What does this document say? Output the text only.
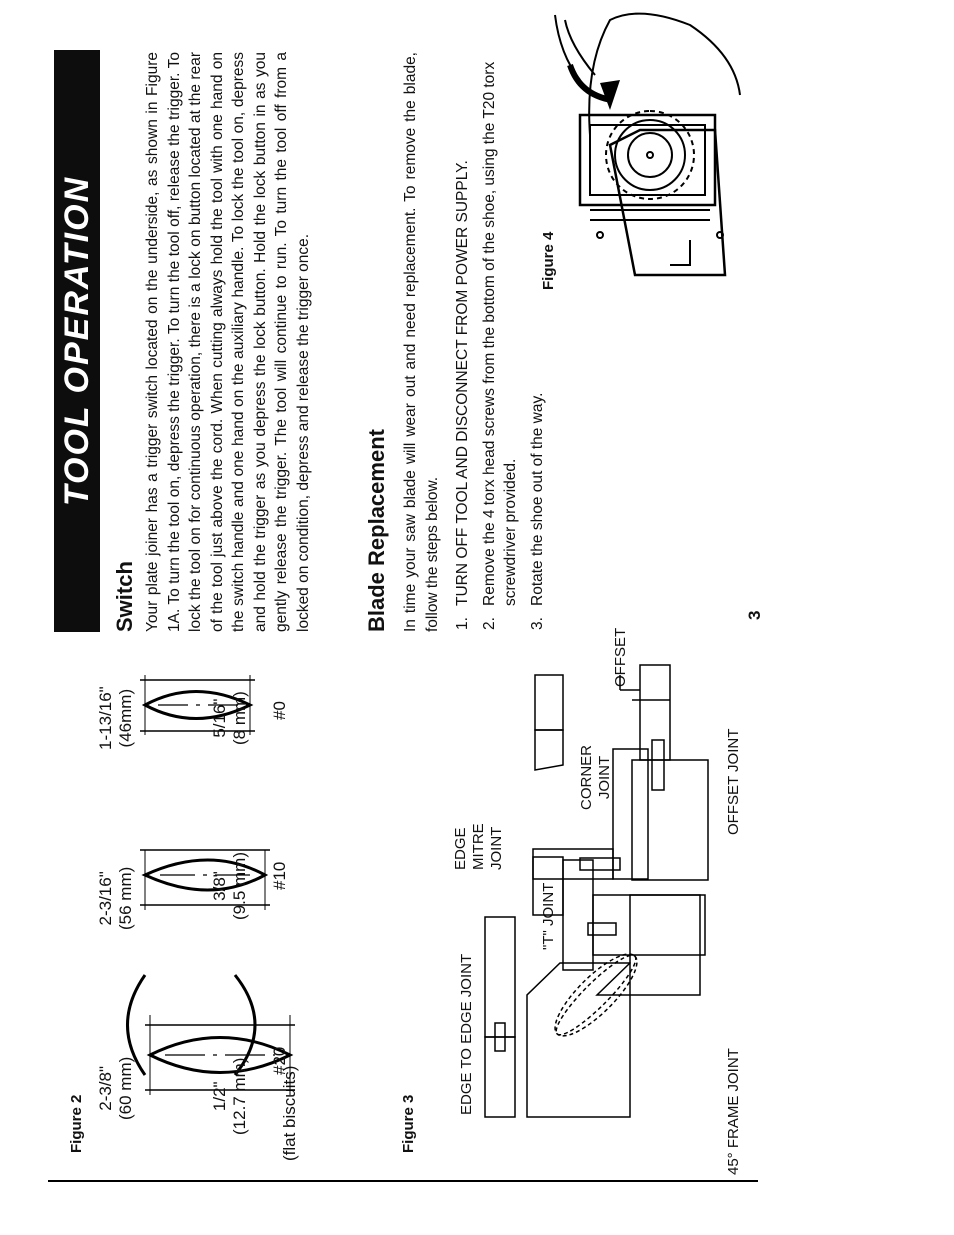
TOOL OPERATION
Switch Your plate joiner has a trigger switch located on the underside, as shown in Figure 1A. To turn the tool on, depress the trigger. To turn the tool off, release the trigger. To lock the tool on for continuous operation, there is a lock on button located at the rear of the tool just above the cord. When cutting always hold the tool with one hand on the switch handle and one hand on the auxiliary handle. To lock the tool on, depress and hold the trigger as you depress the lock button. Hold the lock button in as you gently release the trigger. The tool will continue to run. To turn the tool off from a locked on condition, depress and release the trigger once. Blade Replacement In time your saw blade will wear out and need replacement. To remove the blade, follow the steps below. 1.TURN OFF TOOL AND DISCONNECT FROM POWER SUPPLY.
2.Remove the 4 torx head screws from the bottom of the shoe, using the T20 torx screwdriver provided.
3.Rotate the shoe out of the way.
3
Figure 4
Figure 2	(flat biscuits)
2-3/8" (60 mm)	1/2" (12.7 mm) #20
2-3/16" (56 mm)	3/8" (9.5 mm) #10
1-13/16" (46mm)	5/16" (8 mm) #0
Figure 3
EDGE TO EDGE JOINT	45° FRAME JOINT
"T" JOINT
EDGE MITRE JOINT
CORNER JOINT	OFFSET JOINT
OFFSET
